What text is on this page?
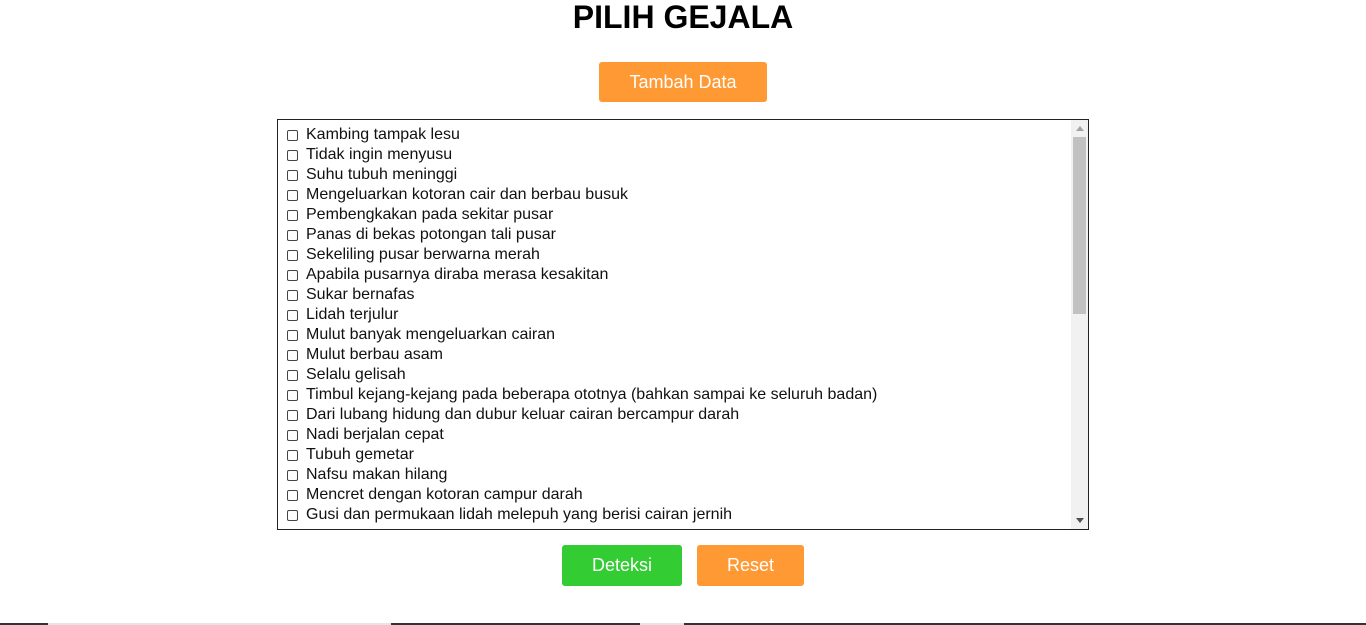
PILIH GEJALA
Tambah Data
Kambing tampak lesu
Tidak ingin menyusu
Suhu tubuh meninggi
Mengeluarkan kotoran cair dan berbau busuk
Pembengkakan pada sekitar pusar
Panas di bekas potongan tali pusar
Sekeliling pusar berwarna merah
Apabila pusarnya diraba merasa kesakitan
Sukar bernafas
Lidah terjulur
Mulut banyak mengeluarkan cairan
Mulut berbau asam
Selalu gelisah
Timbul kejang-kejang pada beberapa ototnya (bahkan sampai ke seluruh badan)
Dari lubang hidung dan dubur keluar cairan bercampur darah
Nadi berjalan cepat
Tubuh gemetar
Nafsu makan hilang
Mencret dengan kotoran campur darah
Gusi dan permukaan lidah melepuh yang berisi cairan jernih
Deteksi	Reset
